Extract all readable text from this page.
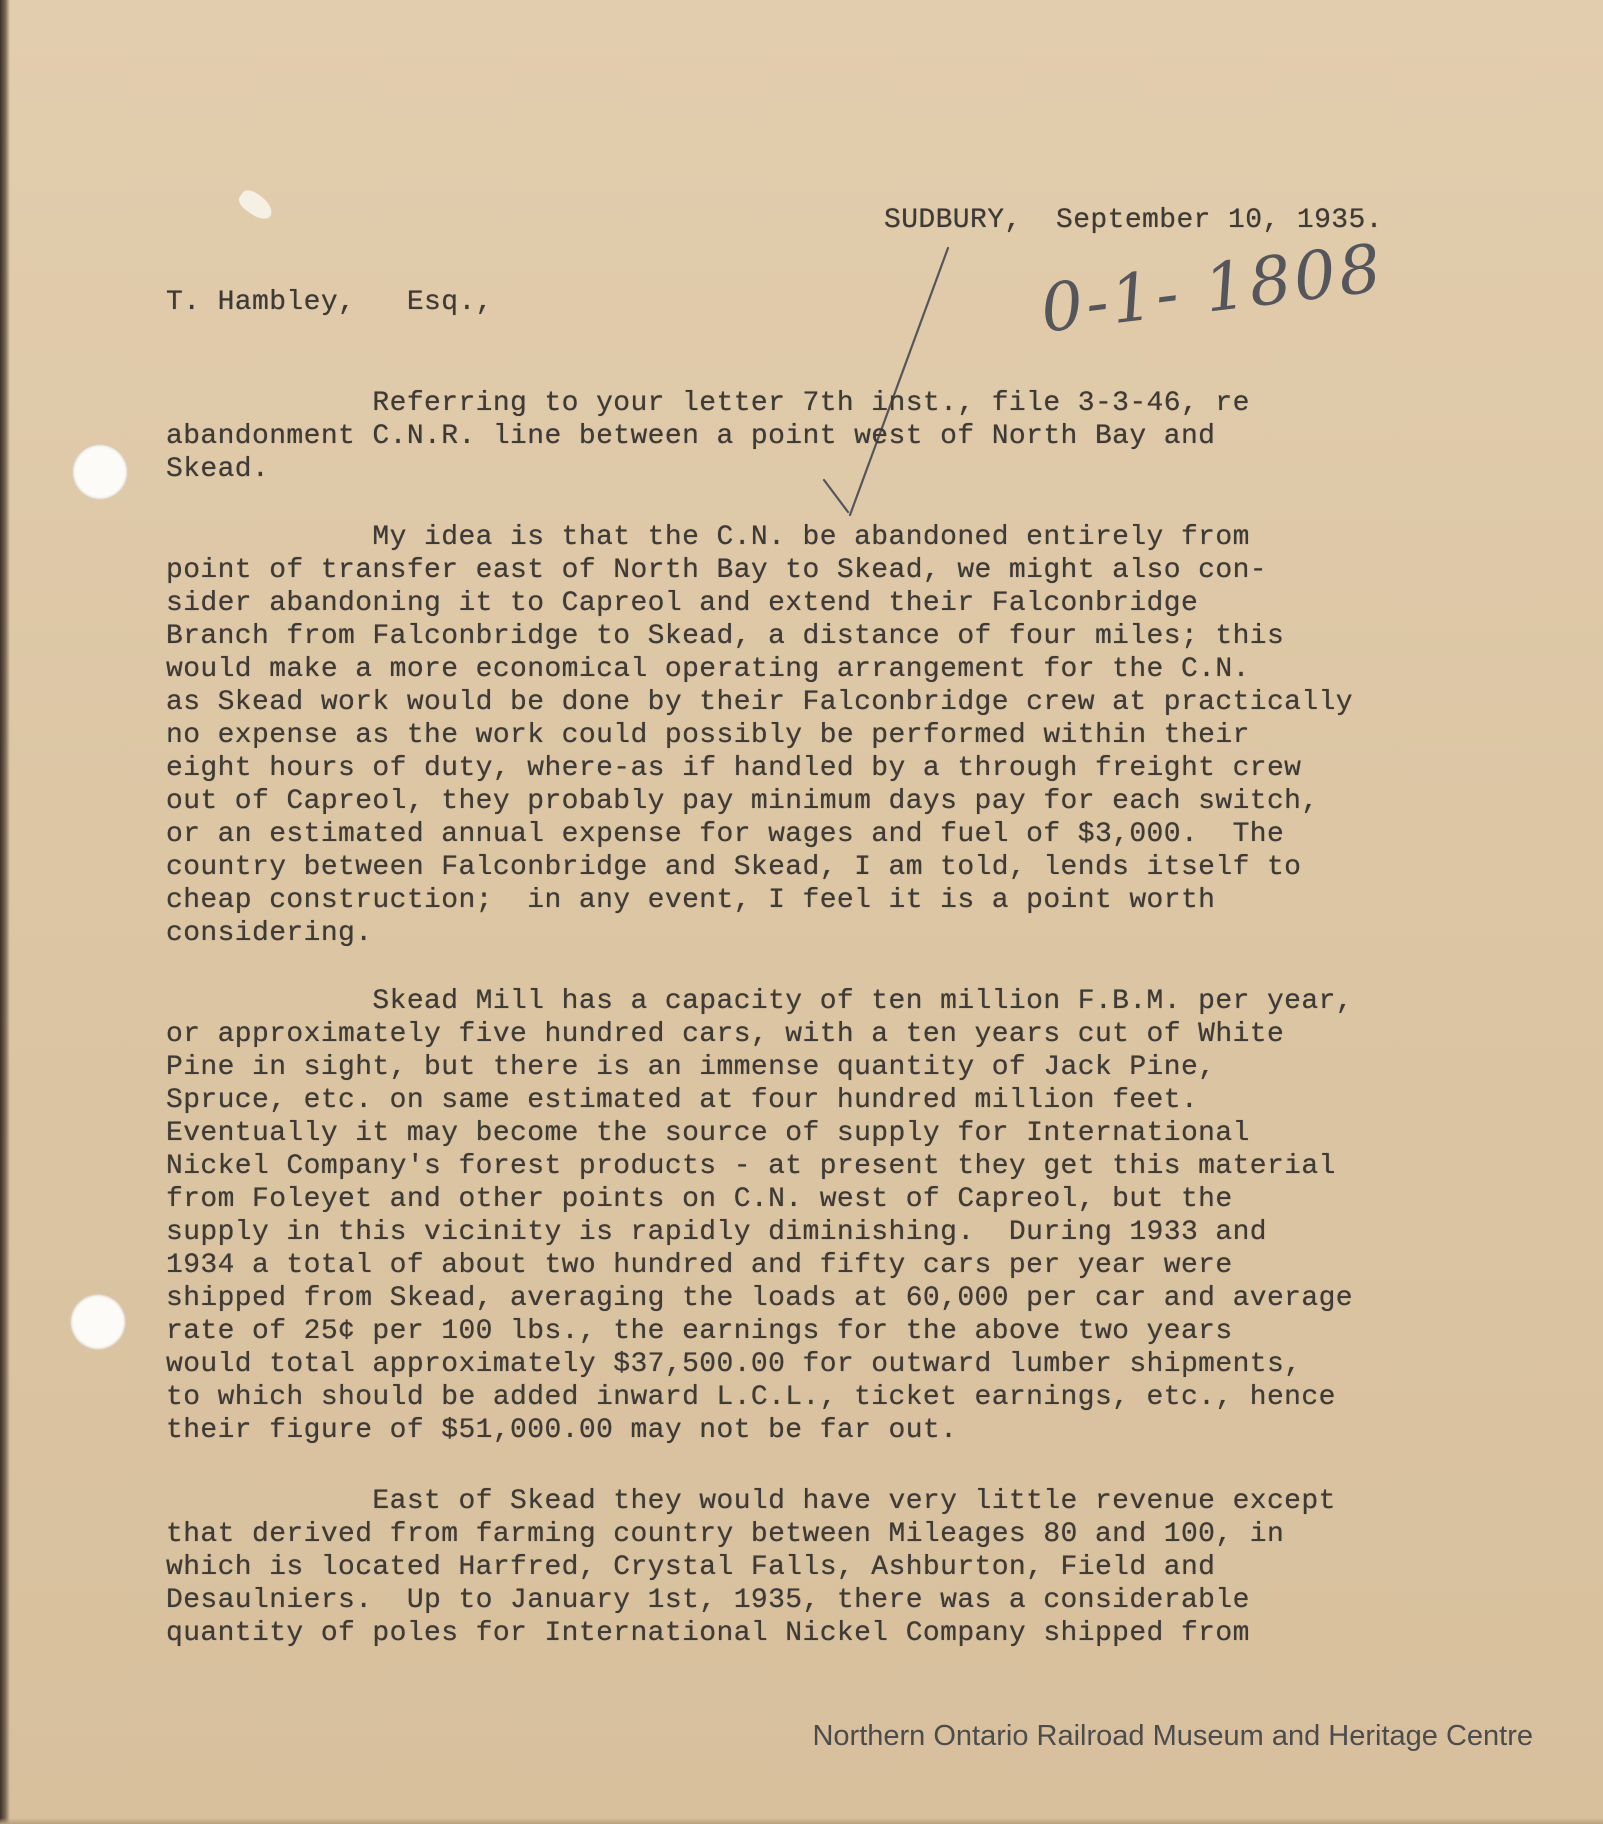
SUDBURY,  September 10, 1935.

T. Hambley,   Esq.,	0-1- 1808

Referring to your letter 7th inst., file 3-3-46, re
abandonment C.N.R. line between a point west of North Bay and
Skead.

My idea is that the C.N. be abandoned entirely from
point of transfer east of North Bay to Skead, we might also con-
sider abandoning it to Capreol and extend their Falconbridge
Branch from Falconbridge to Skead, a distance of four miles; this
would make a more economical operating arrangement for the C.N.
as Skead work would be done by their Falconbridge crew at practically
no expense as the work could possibly be performed within their
eight hours of duty, where-as if handled by a through freight crew
out of Capreol, they probably pay minimum days pay for each switch,
or an estimated annual expense for wages and fuel of $3,000.  The
country between Falconbridge and Skead, I am told, lends itself to
cheap construction;  in any event, I feel it is a point worth
considering.

Skead Mill has a capacity of ten million F.B.M. per year,
or approximately five hundred cars, with a ten years cut of White
Pine in sight, but there is an immense quantity of Jack Pine,
Spruce, etc. on same estimated at four hundred million feet.
Eventually it may become the source of supply for International
Nickel Company's forest products - at present they get this material
from Foleyet and other points on C.N. west of Capreol, but the
supply in this vicinity is rapidly diminishing.  During 1933 and
1934 a total of about two hundred and fifty cars per year were
shipped from Skead, averaging the loads at 60,000 per car and average
rate of 25¢ per 100 lbs., the earnings for the above two years
would total approximately $37,500.00 for outward lumber shipments,
to which should be added inward L.C.L., ticket earnings, etc., hence
their figure of $51,000.00 may not be far out.

East of Skead they would have very little revenue except
that derived from farming country between Mileages 80 and 100, in
which is located Harfred, Crystal Falls, Ashburton, Field and
Desaulniers.  Up to January 1st, 1935, there was a considerable
quantity of poles for International Nickel Company shipped from

Northern Ontario Railroad Museum and Heritage Centre
